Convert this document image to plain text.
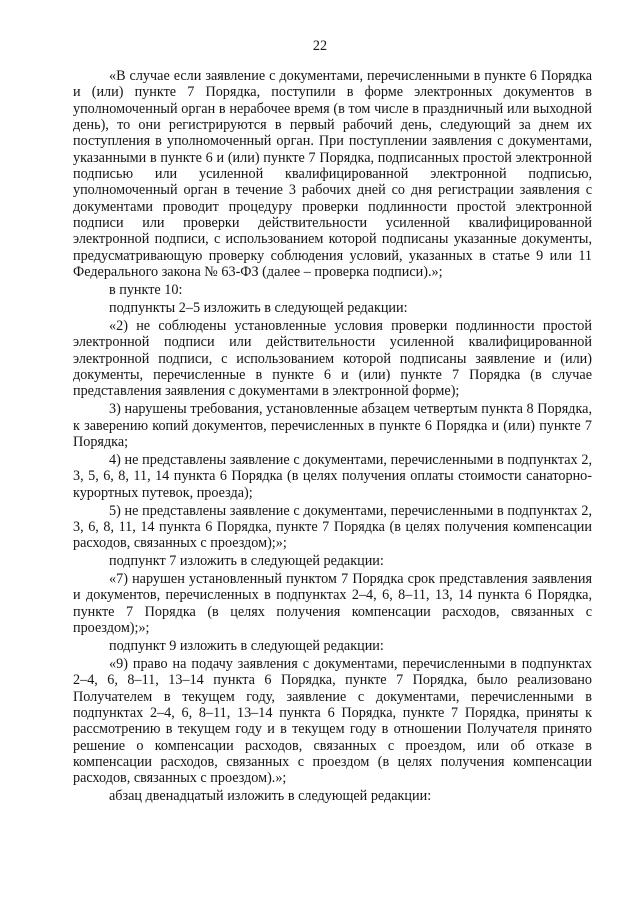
22

«В случае если заявление с документами, перечисленными в пункте 6 Порядка и (или) пункте 7 Порядка, поступили в форме электронных документов в уполномоченный орган в нерабочее время (в том числе в праздничный или выходной день), то они регистрируются в первый рабочий день, следующий за днем их поступления в уполномоченный орган. При поступлении заявления с документами, указанными в пункте 6 и (или) пункте 7 Порядка, подписанных простой электронной подписью или усиленной квалифицированной электронной подписью, уполномоченный орган в течение 3 рабочих дней со дня регистрации заявления с документами проводит процедуру проверки подлинности простой электронной подписи или проверки действительности усиленной квалифицированной электронной подписи, с использованием которой подписаны указанные документы, предусматривающую проверку соблюдения условий, указанных в статье 9 или 11 Федерального закона № 63-ФЗ (далее – проверка подписи).»;

в пункте 10:

подпункты 2–5 изложить в следующей редакции:

«2) не соблюдены установленные условия проверки подлинности простой электронной подписи или действительности усиленной квалифицированной электронной подписи, с использованием которой подписаны заявление и (или) документы, перечисленные в пункте 6 и (или) пункте 7 Порядка (в случае представления заявления с документами в электронной форме);

3) нарушены требования, установленные абзацем четвертым пункта 8 Порядка, к заверению копий документов, перечисленных в пункте 6 Порядка и (или) пункте 7 Порядка;

4) не представлены заявление с документами, перечисленными в подпунктах 2, 3, 5, 6, 8, 11, 14 пункта 6 Порядка (в целях получения оплаты стоимости санаторно-курортных путевок, проезда);

5) не представлены заявление с документами, перечисленными в подпунктах 2, 3, 6, 8, 11, 14 пункта 6 Порядка, пункте 7 Порядка (в целях получения компенсации расходов, связанных с проездом);»;

подпункт 7 изложить в следующей редакции:

«7) нарушен установленный пунктом 7 Порядка срок представления заявления и документов, перечисленных в подпунктах 2–4, 6, 8–11, 13, 14 пункта 6 Порядка, пункте 7 Порядка (в целях получения компенсации расходов, связанных с проездом);»;

подпункт 9 изложить в следующей редакции:

«9) право на подачу заявления с документами, перечисленными в подпунктах 2–4, 6, 8–11, 13–14 пункта 6 Порядка, пункте 7 Порядка, было реализовано Получателем в текущем году, заявление с документами, перечисленными в подпунктах 2–4, 6, 8–11, 13–14 пункта 6 Порядка, пункте 7 Порядка, приняты к рассмотрению в текущем году и в текущем году в отношении Получателя принято решение о компенсации расходов, связанных с проездом, или об отказе в компенсации расходов, связанных с проездом (в целях получения компенсации расходов, связанных с проездом).»;

абзац двенадцатый изложить в следующей редакции:
